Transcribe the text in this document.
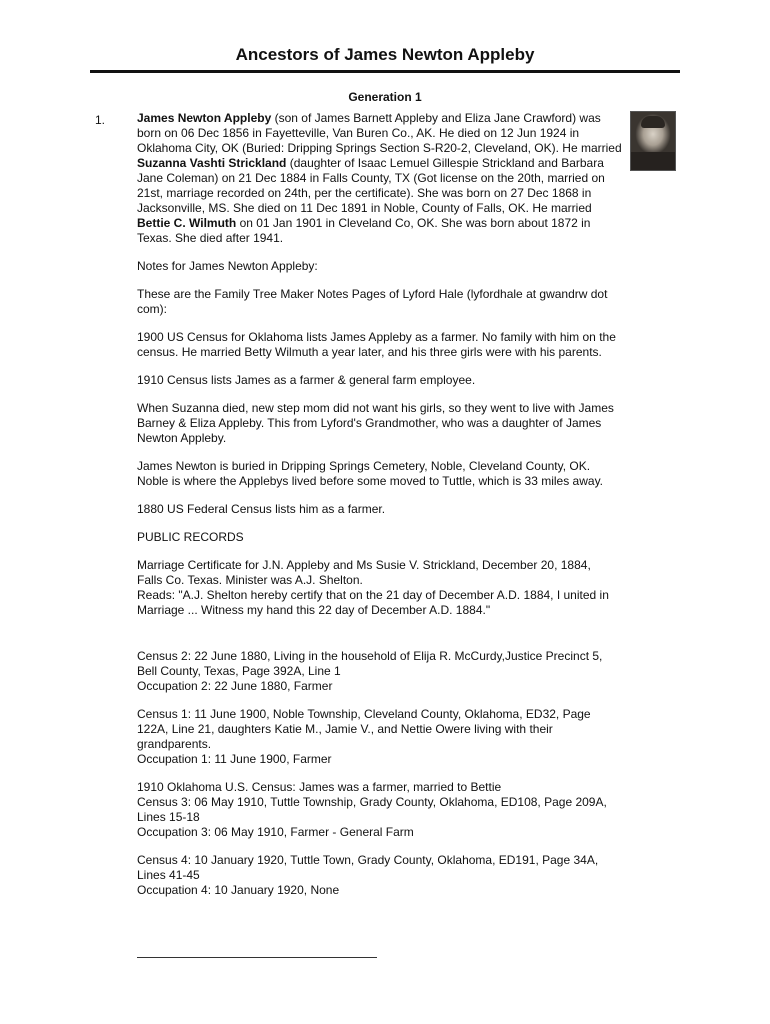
Ancestors of James Newton Appleby
Generation 1
1.	James Newton Appleby (son of James Barnett Appleby and Eliza Jane Crawford) was born on 06 Dec 1856 in Fayetteville, Van Buren Co., AK. He died on 12 Jun 1924 in Oklahoma City, OK (Buried: Dripping Springs Section S-R20-2, Cleveland, OK). He married Suzanna Vashti Strickland (daughter of Isaac Lemuel Gillespie Strickland and Barbara Jane Coleman) on 21 Dec 1884 in Falls County, TX (Got license on the 20th, married on 21st, marriage recorded on 24th, per the certificate). She was born on 27 Dec 1868 in Jacksonville, MS. She died on 11 Dec 1891 in Noble, County of Falls, OK. He married Bettie C. Wilmuth on 01 Jan 1901 in Cleveland Co, OK. She was born about 1872 in Texas. She died after 1941.

Notes for James Newton Appleby:

These are the Family Tree Maker Notes Pages of Lyford Hale (lyfordhale at gwandrw dot com):

1900 US Census for Oklahoma lists James Appleby as a farmer. No family with him on the census. He married Betty Wilmuth a year later, and his three girls were with his parents.

1910 Census lists James as a farmer & general farm employee.

When Suzanna died, new step mom did not want his girls, so they went to live with James Barney & Eliza Appleby. This from Lyford's Grandmother, who was a daughter of James Newton Appleby.

James Newton is buried in Dripping Springs Cemetery, Noble, Cleveland County, OK. Noble is where the Applebys lived before some moved to Tuttle, which is 33 miles away.

1880 US Federal Census lists him as a farmer.

PUBLIC RECORDS

Marriage Certificate for J.N. Appleby and Ms Susie V. Strickland, December 20, 1884,
Falls Co. Texas. Minister was A.J. Shelton.
Reads: "A.J. Shelton hereby certify that on the 21 day of December A.D. 1884, I united in Marriage ... Witness my hand this 22 day of December A.D. 1884."

Census 2: 22 June 1880, Living in the household of Elija R. McCurdy,Justice Precinct 5, Bell County, Texas, Page 392A, Line 1
Occupation 2: 22 June 1880, Farmer

Census 1: 11 June 1900, Noble Township, Cleveland County, Oklahoma, ED32, Page 122A, Line 21, daughters Katie M., Jamie V., and Nettie Owere living with their grandparents.
Occupation 1: 11 June 1900, Farmer

1910 Oklahoma U.S. Census: James was a farmer, married to Bettie
Census 3: 06 May 1910, Tuttle Township, Grady County, Oklahoma, ED108, Page 209A, Lines 15-18
Occupation 3: 06 May 1910, Farmer - General Farm

Census 4: 10 January 1920, Tuttle Town, Grady County, Oklahoma, ED191, Page 34A, Lines 41-45
Occupation 4: 10 January 1920, None
